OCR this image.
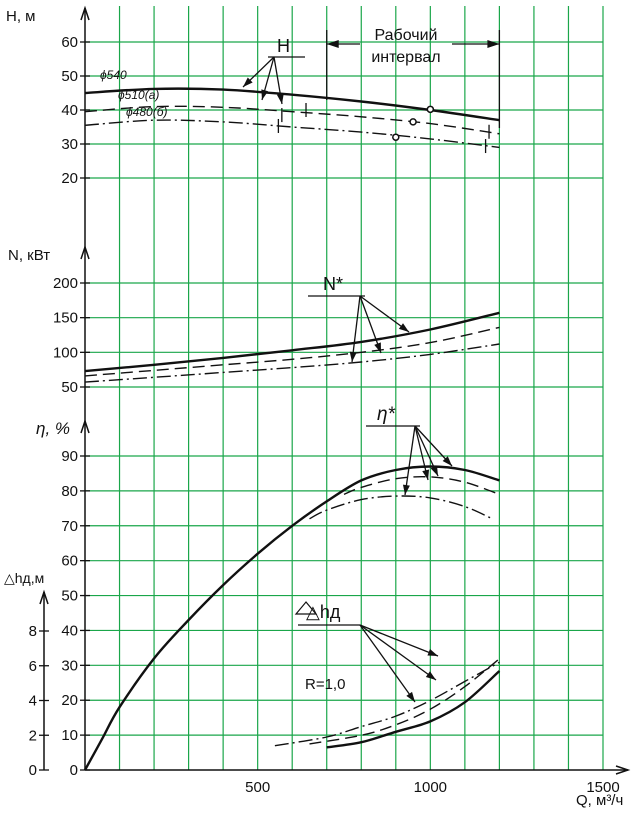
20
30
40
50
60
50
100
150
200
0
10
20
30
40
50
60
70
80
90
0
2
4
6
8
500	1000	1500
H, м
N, кВт
η, %
△hд,м
Q, м³/ч
Рабочий
интервал
H
N*
η*
△hд
R=1,0
ϕ540
ϕ510(а)
ϕ480(б)
